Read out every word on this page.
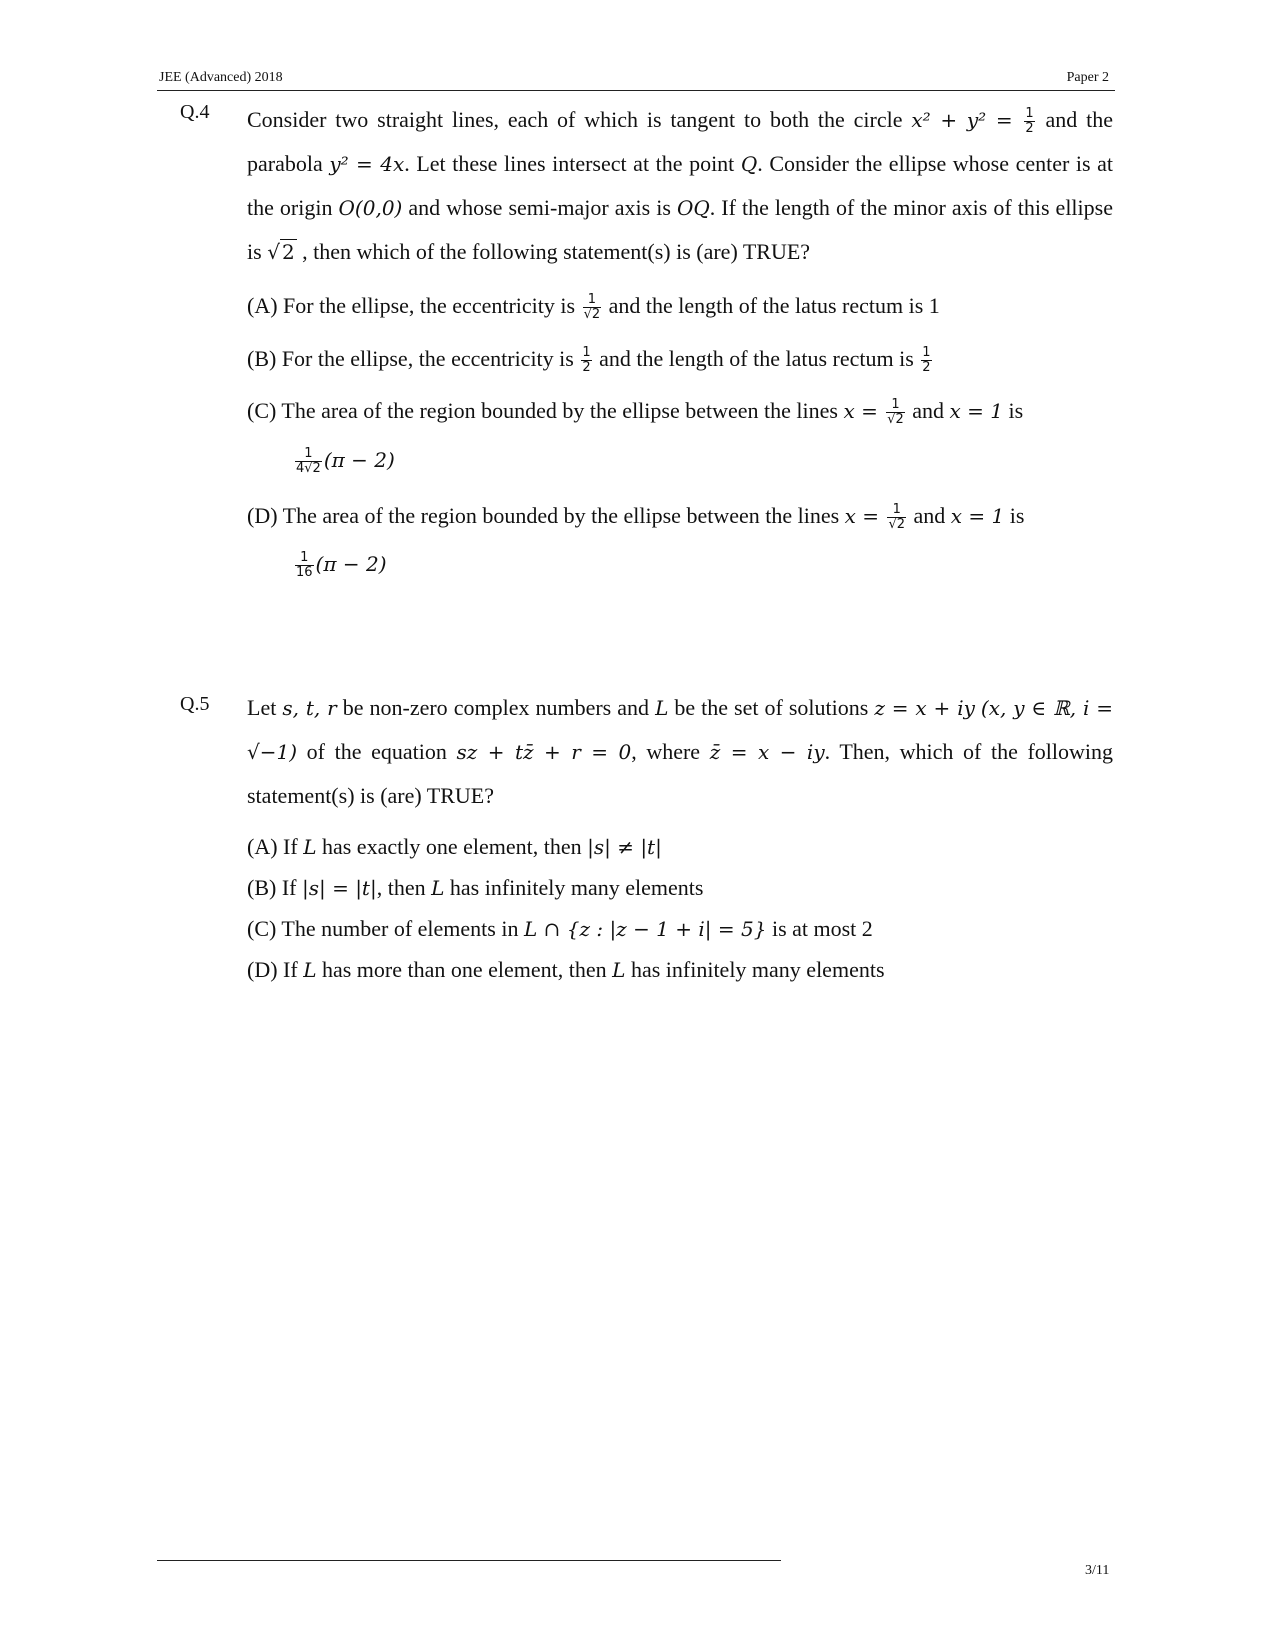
JEE (Advanced) 2018	Paper 2
Q.4 Consider two straight lines, each of which is tangent to both the circle $x^2 + y^2 = \frac{1}{2}$ and the parabola y² = 4x. Let these lines intersect at the point Q. Consider the ellipse whose center is at the origin O(0,0) and whose semi-major axis is OQ. If the length of the minor axis of this ellipse is √ 2 , then which of the following statement(s) is (are) TRUE?
(A) For the ellipse, the eccentricity is $\frac{1}{√2}$ and the length of the latus rectum is 1
(B) For the ellipse, the eccentricity is $\frac{1}{2}$ and the length of the latus rectum is $\frac{1}{2}$
(C) The area of the region bounded by the ellipse between the lines $x = \frac{1}{√2}$ and x = 1 is
$\frac{1}{4√2} (\pi - 2)$
(D) The area of the region bounded by the ellipse between the lines $x = \frac{1}{√2}$ and x = 1 is
$\frac{1}{16} (\pi - 2)$
Q.5 Let s, t, r be non-zero complex numbers and L be the set of solutions z = x + iy (x, y ∈ ℝ, i = √−1) of the equation sz + tz̄ + r = 0, where z̄ = x − iy. Then, which of the following statement(s) is (are) TRUE?
(A) If L has exactly one element, then |s| ≠ |t|
(B) If |s| = |t|, then L has infinitely many elements
(C) The number of elements in L ∩ {z : |z − 1 + i| = 5} is at most 2
(D) If L has more than one element, then L has infinitely many elements
3/11
